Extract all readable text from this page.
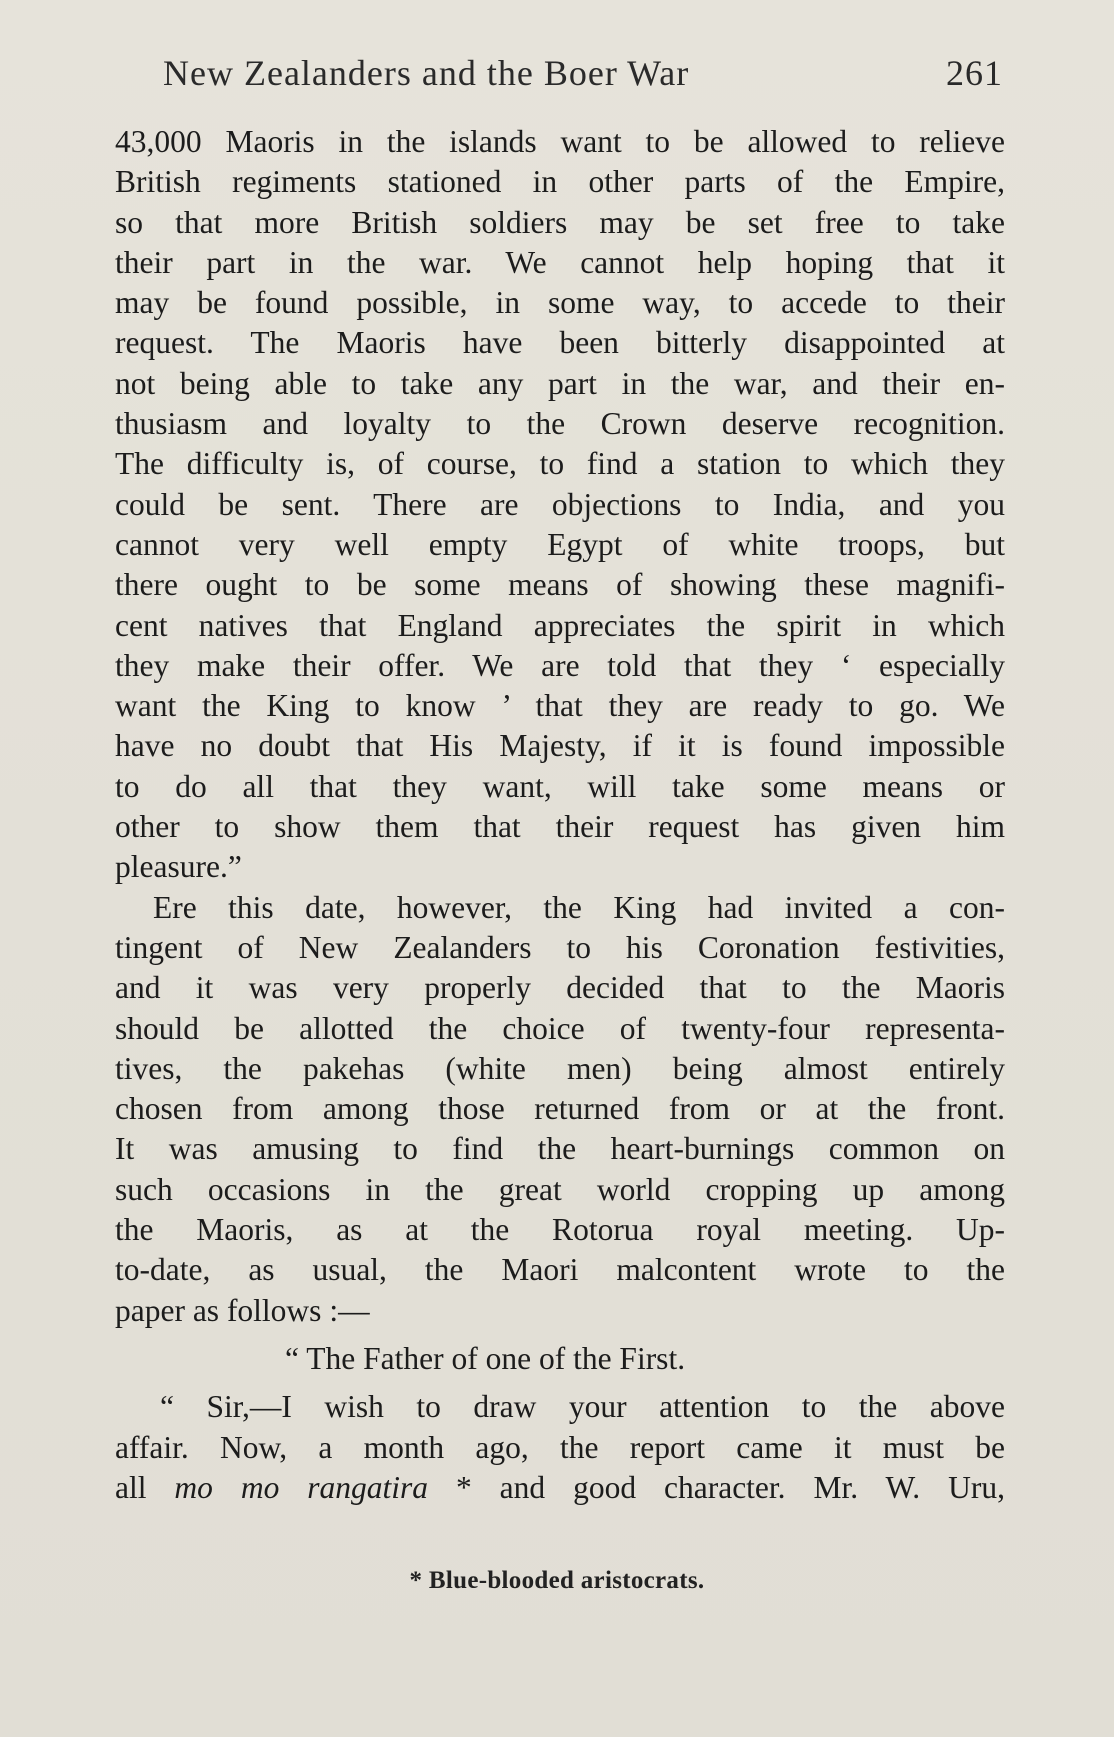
New Zealanders and the Boer War	261
43,000 Maoris in the islands want to be allowed to relieve
British regiments stationed in other parts of the Empire,
so that more British soldiers may be set free to take
their part in the war. We cannot help hoping that it
may be found possible, in some way, to accede to their
request. The Maoris have been bitterly disappointed at
not being able to take any part in the war, and their en-
thusiasm and loyalty to the Crown deserve recognition.
The difficulty is, of course, to find a station to which they
could be sent. There are objections to India, and you
cannot very well empty Egypt of white troops, but
there ought to be some means of showing these magnifi-
cent natives that England appreciates the spirit in which
they make their offer. We are told that they ‘ especially
want the King to know ’ that they are ready to go. We
have no doubt that His Majesty, if it is found impossible
to do all that they want, will take some means or
other to show them that their request has given him
pleasure.”
Ere this date, however, the King had invited a con-
tingent of New Zealanders to his Coronation festivities,
and it was very properly decided that to the Maoris
should be allotted the choice of twenty-four representa-
tives, the pakehas (white men) being almost entirely
chosen from among those returned from or at the front.
It was amusing to find the heart-burnings common on
such occasions in the great world cropping up among
the Maoris, as at the Rotorua royal meeting. Up-
to-date, as usual, the Maori malcontent wrote to the
paper as follows :—
“ The Father of one of the First.
“ Sir,—I wish to draw your attention to the above
affair. Now, a month ago, the report came it must be
all mo mo rangatira * and good character. Mr. W. Uru,
* Blue-blooded aristocrats.
